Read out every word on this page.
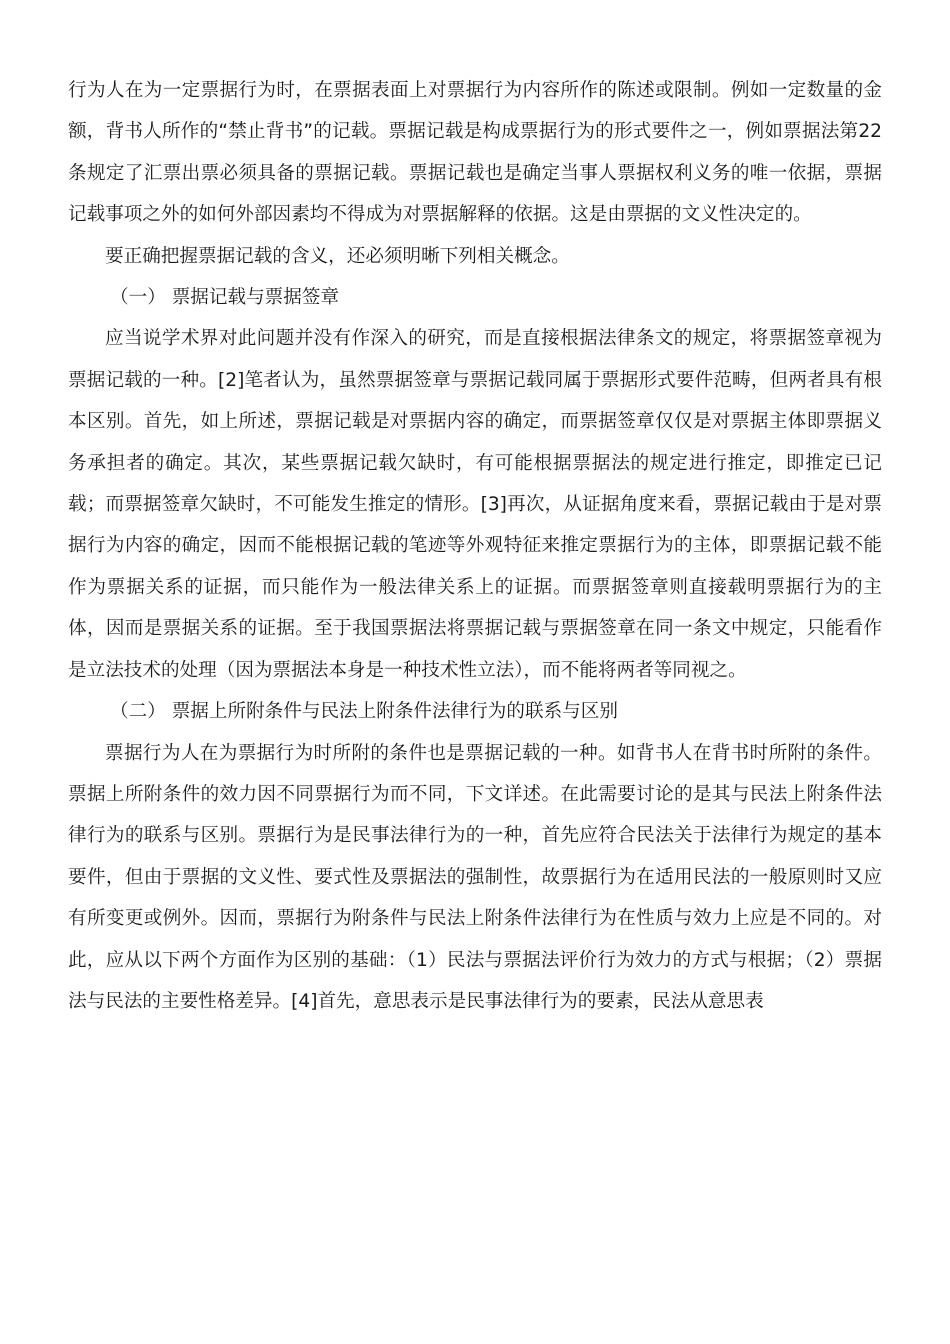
行为人在为一定票据行为时，在票据表面上对票据行为内容所作的陈述或限制。例如一定数量的金额，背书人所作的“禁止背书”的记载。票据记载是构成票据行为的形式要件之一，例如票据法第22条规定了汇票出票必须具备的票据记载。票据记载也是确定当事人票据权利义务的唯一依据，票据记载事项之外的如何外部因素均不得成为对票据解释的依据。这是由票据的文义性决定的。

要正确把握票据记载的含义，还必须明晰下列相关概念。

（一） 票据记载与票据签章

应当说学术界对此问题并没有作深入的研究，而是直接根据法律条文的规定，将票据签章视为票据记载的一种。[2]笔者认为，虽然票据签章与票据记载同属于票据形式要件范畴，但两者具有根本区别。首先，如上所述，票据记载是对票据内容的确定，而票据签章仅仅是对票据主体即票据义务承担者的确定。其次，某些票据记载欠缺时，有可能根据票据法的规定进行推定，即推定已记载；而票据签章欠缺时，不可能发生推定的情形。[3]再次，从证据角度来看，票据记载由于是对票据行为内容的确定，因而不能根据记载的笔迹等外观特征来推定票据行为的主体，即票据记载不能作为票据关系的证据，而只能作为一般法律关系上的证据。而票据签章则直接载明票据行为的主体，因而是票据关系的证据。至于我国票据法将票据记载与票据签章在同一条文中规定，只能看作是立法技术的处理（因为票据法本身是一种技术性立法），而不能将两者等同视之。

（二） 票据上所附条件与民法上附条件法律行为的联系与区别

票据行为人在为票据行为时所附的条件也是票据记载的一种。如背书人在背书时所附的条件。票据上所附条件的效力因不同票据行为而不同，下文详述。在此需要讨论的是其与民法上附条件法律行为的联系与区别。票据行为是民事法律行为的一种，首先应符合民法关于法律行为规定的基本要件，但由于票据的文义性、要式性及票据法的强制性，故票据行为在适用民法的一般原则时又应有所变更或例外。因而，票据行为附条件与民法上附条件法律行为在性质与效力上应是不同的。对此，应从以下两个方面作为区别的基础：（1）民法与票据法评价行为效力的方式与根据；（2）票据法与民法的主要性格差异。[4]首先，意思表示是民事法律行为的要素，民法从意思表
